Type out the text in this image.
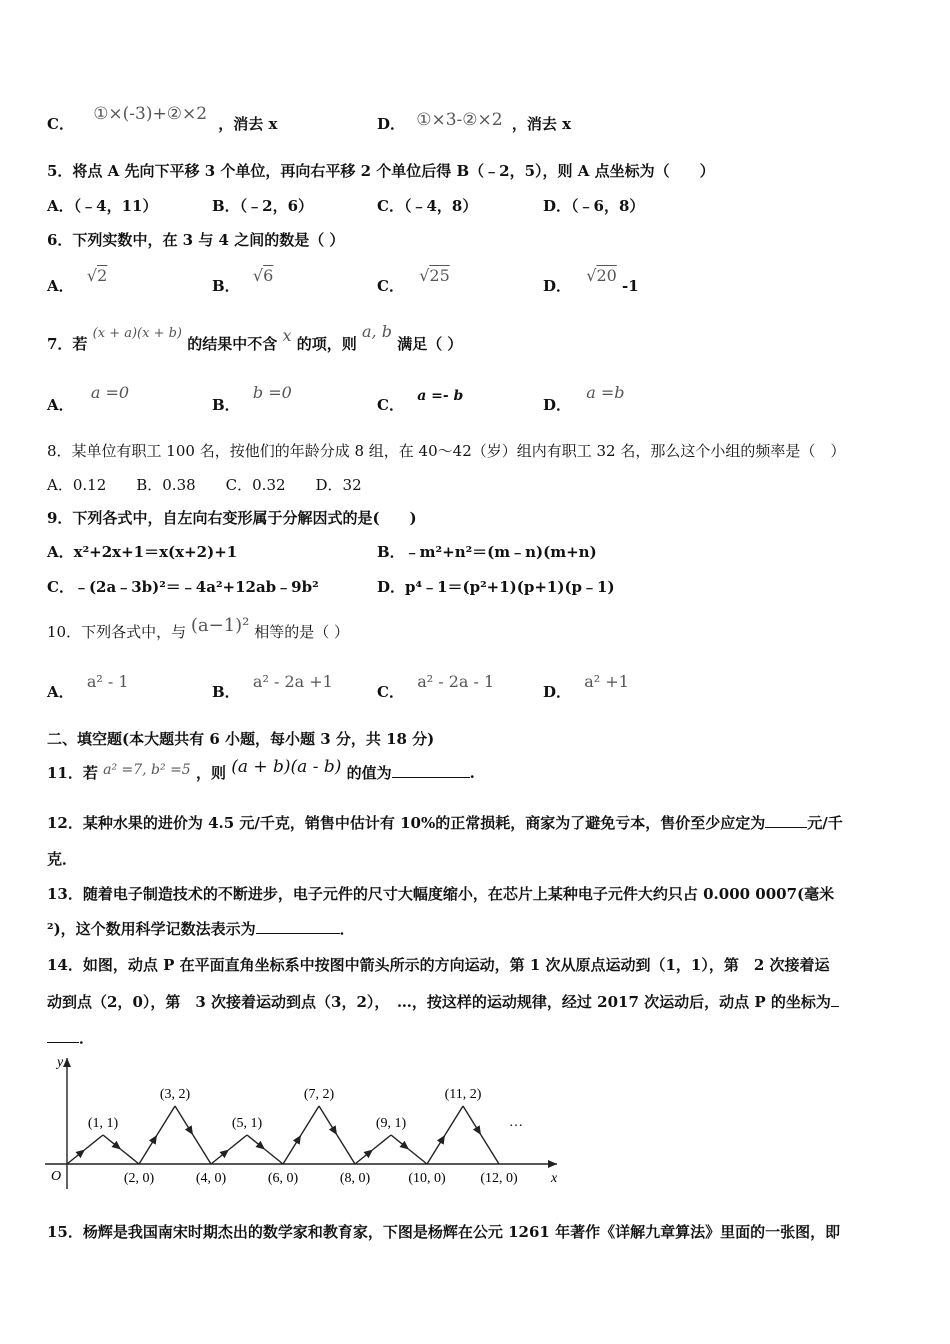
C． ①×(-3)+②×2 ，消去 x	D． ①×3-②×2 ，消去 x
5．将点 A 先向下平移 3 个单位，再向右平移 2 个单位后得 B（﹣2，5），则 A 点坐标为（　　）
A．（﹣4，11）	B．（﹣2，6）	C．（﹣4，8）	D．（﹣6，8）
6．下列实数中，在 3 与 4 之间的数是（ ）
A． √2
B． √6
C． √25
D． √20 -1
7．若 (x + a)(x + b) 的结果中不含 x 的项，则 a, b 满足（ ）
A． a =0
B． b =0
C． a =- b	D． a =b
8．某单位有职工 100 名，按他们的年龄分成 8 组，在 40～42（岁）组内有职工 32 名，那么这个小组的频率是（　）
A．0.12　　B．0.38　　C．0.32　　D．32
9．下列各式中，自左向右变形属于分解因式的是(　　)
A．x²+2x+1＝x(x+2)+1	B．﹣m²+n²＝(m﹣n)(m+n)
C．﹣(2a﹣3b)²＝﹣4a²+12ab﹣9b²	D．p⁴﹣1＝(p²+1)(p+1)(p﹣1)
10．下列各式中，与 (a−1)² 相等的是（ ）
A． a² - 1
B． a² - 2a +1
C． a² - 2a - 1
D． a² +1
二、填空题(本大题共有 6 小题，每小题 3 分，共 18 分)
11．若 a² =7, b² =5 ，则 (a + b)(a - b) 的值为	.
12．某种水果的进价为 4.5 元/千克，销售中估计有 10%的正常损耗，商家为了避免亏本，售价至少应定为	元/千
克．
13．随着电子制造技术的不断进步，电子元件的尺寸大幅度缩小，在芯片上某种电子元件大约只占 0.000 0007(毫米
²)，这个数用科学记数法表示为	．
14．如图，动点 P 在平面直角坐标系中按图中箭头所示的方向运动，第 1 次从原点运动到（1，1），第　2 次接着运
动到点（2，0），第　3 次接着运动到点（3，2），　…，按这样的运动规律，经过 2017 次运动后，动点 P 的坐标为
．
x
y
O
(1, 1)
(3, 2)
(5, 1)
(7, 2)
(9, 1)
(11, 2)
(2, 0)	(4, 0)	(6, 0)	(8, 0)	(10, 0) (12, 0)
…
15．杨辉是我国南宋时期杰出的数学家和教育家，下图是杨辉在公元 1261 年著作《详解九章算法》里面的一张图，即
